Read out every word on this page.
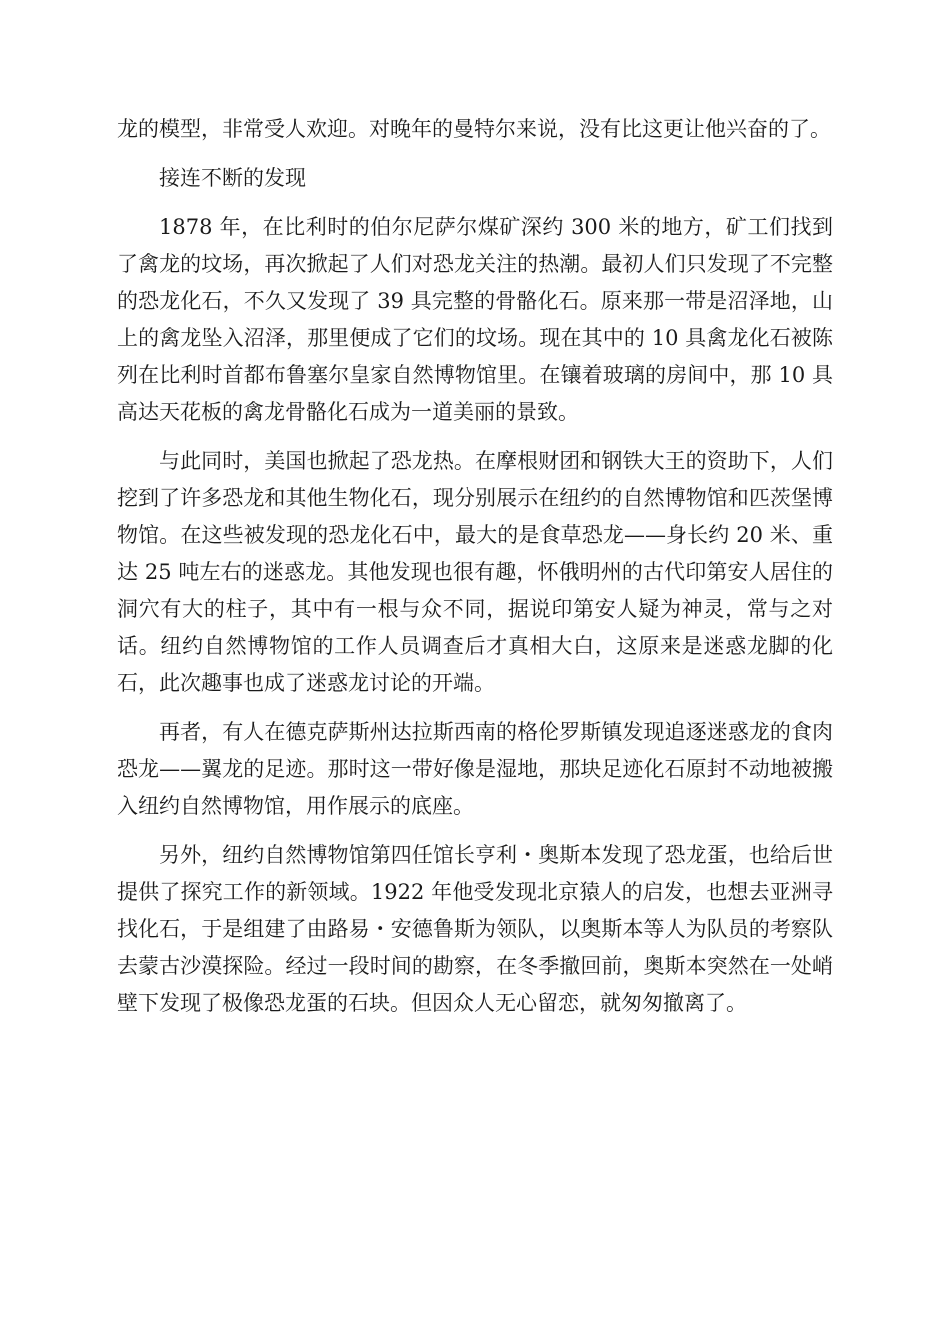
龙的模型，非常受人欢迎。对晚年的曼特尔来说，没有比这更让他兴奋的了。

接连不断的发现

1878 年，在比利时的伯尔尼萨尔煤矿深约 300 米的地方，矿工们找到了禽龙的坟场，再次掀起了人们对恐龙关注的热潮。最初人们只发现了不完整的恐龙化石，不久又发现了 39 具完整的骨骼化石。原来那一带是沼泽地，山上的禽龙坠入沼泽，那里便成了它们的坟场。现在其中的 10 具禽龙化石被陈列在比利时首都布鲁塞尔皇家自然博物馆里。在镶着玻璃的房间中，那 10 具高达天花板的禽龙骨骼化石成为一道美丽的景致。

与此同时，美国也掀起了恐龙热。在摩根财团和钢铁大王的资助下，人们挖到了许多恐龙和其他生物化石，现分别展示在纽约的自然博物馆和匹茨堡博物馆。在这些被发现的恐龙化石中，最大的是食草恐龙——身长约 20 米、重达 25 吨左右的迷惑龙。其他发现也很有趣，怀俄明州的古代印第安人居住的洞穴有大的柱子，其中有一根与众不同，据说印第安人疑为神灵，常与之对话。纽约自然博物馆的工作人员调查后才真相大白，这原来是迷惑龙脚的化石，此次趣事也成了迷惑龙讨论的开端。

再者，有人在德克萨斯州达拉斯西南的格伦罗斯镇发现追逐迷惑龙的食肉恐龙——翼龙的足迹。那时这一带好像是湿地，那块足迹化石原封不动地被搬入纽约自然博物馆，用作展示的底座。

另外，纽约自然博物馆第四任馆长亨利・奥斯本发现了恐龙蛋，也给后世提供了探究工作的新领域。1922 年他受发现北京猿人的启发，也想去亚洲寻找化石，于是组建了由路易・安德鲁斯为领队，以奥斯本等人为队员的考察队去蒙古沙漠探险。经过一段时间的勘察，在冬季撤回前，奥斯本突然在一处峭壁下发现了极像恐龙蛋的石块。但因众人无心留恋，就匆匆撤离了。
